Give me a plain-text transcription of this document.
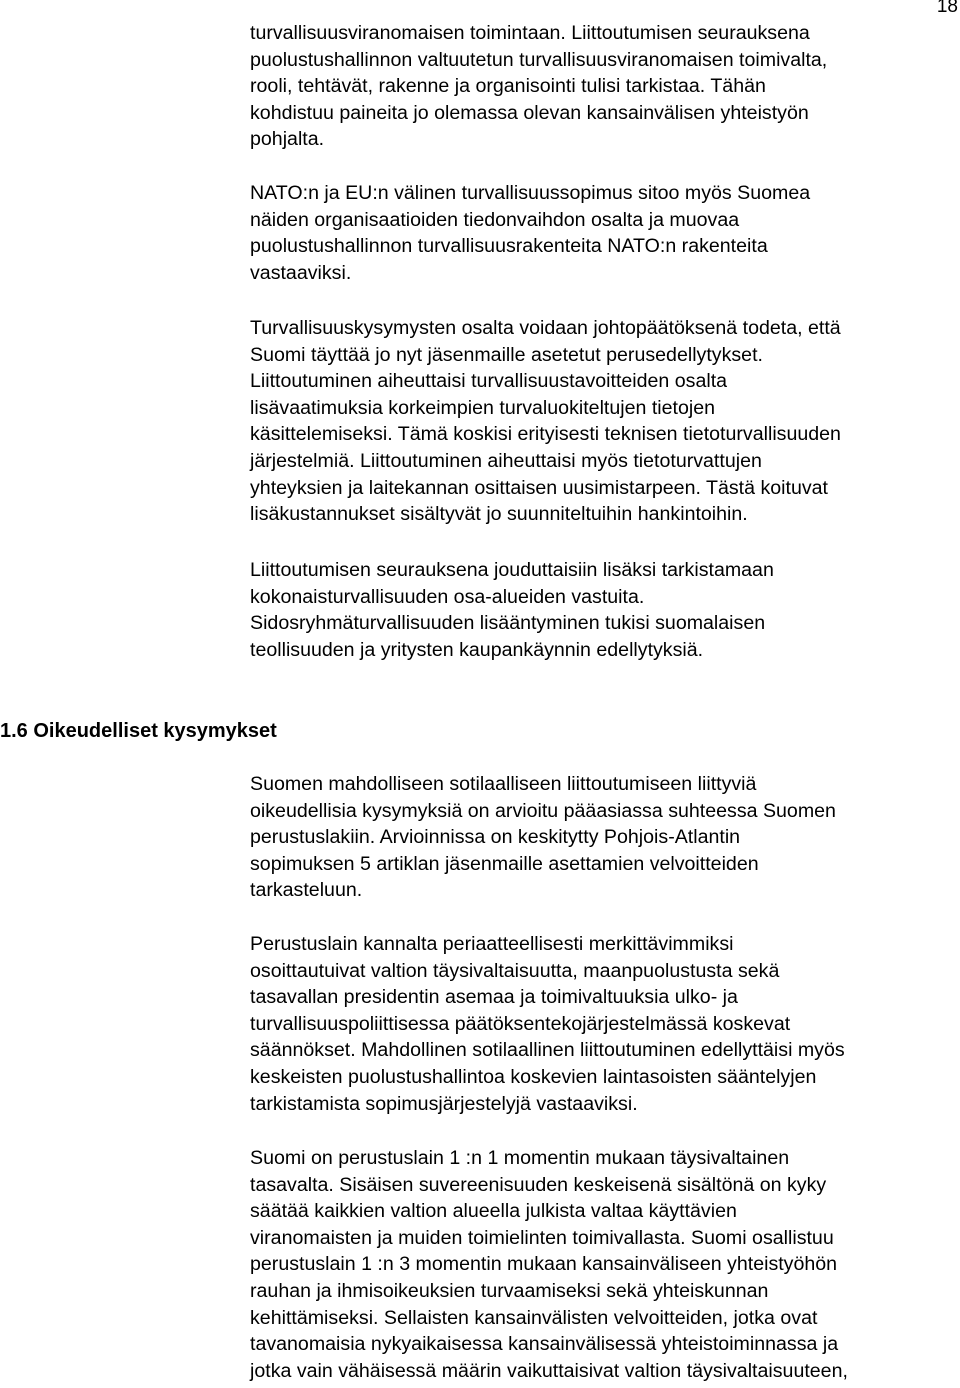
18

turvallisuusviranomaisen toimintaan. Liittoutumisen seurauksena
puolustushallinnon valtuutetun turvallisuusviranomaisen toimivalta,
rooli, tehtävät, rakenne ja organisointi tulisi tarkistaa. Tähän
kohdistuu paineita jo olemassa olevan kansainvälisen yhteistyön
pohjalta.

NATO:n ja EU:n välinen turvallisuussopimus sitoo myös Suomea
näiden organisaatioiden tiedonvaihdon osalta ja muovaa
puolustushallinnon turvallisuusrakenteita NATO:n rakenteita
vastaaviksi.

Turvallisuuskysymysten osalta voidaan johtopäätöksenä todeta, että
Suomi täyttää jo nyt jäsenmaille asetetut perusedellytykset.
Liittoutuminen aiheuttaisi turvallisuustavoitteiden osalta
lisävaatimuksia korkeimpien turvaluokiteltujen tietojen
käsittelemiseksi. Tämä koskisi erityisesti teknisen tietoturvallisuuden
järjestelmiä. Liittoutuminen aiheuttaisi myös tietoturvattujen
yhteyksien ja laitekannan osittaisen uusimistarpeen. Tästä koituvat
lisäkustannukset sisältyvät jo suunniteltuihin hankintoihin.

Liittoutumisen seurauksena jouduttaisiin lisäksi tarkistamaan
kokonaisturvallisuuden osa-alueiden vastuita.
Sidosryhmäturvallisuuden lisääntyminen tukisi suomalaisen
teollisuuden ja yritysten kaupankäynnin edellytyksiä.

1.6 Oikeudelliset kysymykset

Suomen mahdolliseen sotilaalliseen liittoutumiseen liittyviä
oikeudellisia kysymyksiä on arvioitu pääasiassa suhteessa Suomen
perustuslakiin. Arvioinnissa on keskitytty Pohjois-Atlantin
sopimuksen 5 artiklan jäsenmaille asettamien velvoitteiden
tarkasteluun.

Perustuslain kannalta periaatteellisesti merkittävimmiksi
osoittautuivat valtion täysivaltaisuutta, maanpuolustusta sekä
tasavallan presidentin asemaa ja toimivaltuuksia ulko- ja
turvallisuuspoliittisessa päätöksentekojärjestelmässä koskevat
säännökset. Mahdollinen sotilaallinen liittoutuminen edellyttäisi myös
keskeisten puolustushallintoa koskevien laintasoisten sääntelyjen
tarkistamista sopimusjärjestelyjä vastaaviksi.

Suomi on perustuslain 1 :n 1 momentin mukaan täysivaltainen
tasavalta. Sisäisen suvereenisuuden keskeisenä sisältönä on kyky
säätää kaikkien valtion alueella julkista valtaa käyttävien
viranomaisten ja muiden toimielinten toimivallasta. Suomi osallistuu
perustuslain 1 :n 3 momentin mukaan kansainväliseen yhteistyöhön
rauhan ja ihmisoikeuksien turvaamiseksi sekä yhteiskunnan
kehittämiseksi. Sellaisten kansainvälisten velvoitteiden, jotka ovat
tavanomaisia nykyaikaisessa kansainvälisessä yhteistoiminnassa ja
jotka vain vähäisessä määrin vaikuttaisivat valtion täysivaltaisuuteen,
